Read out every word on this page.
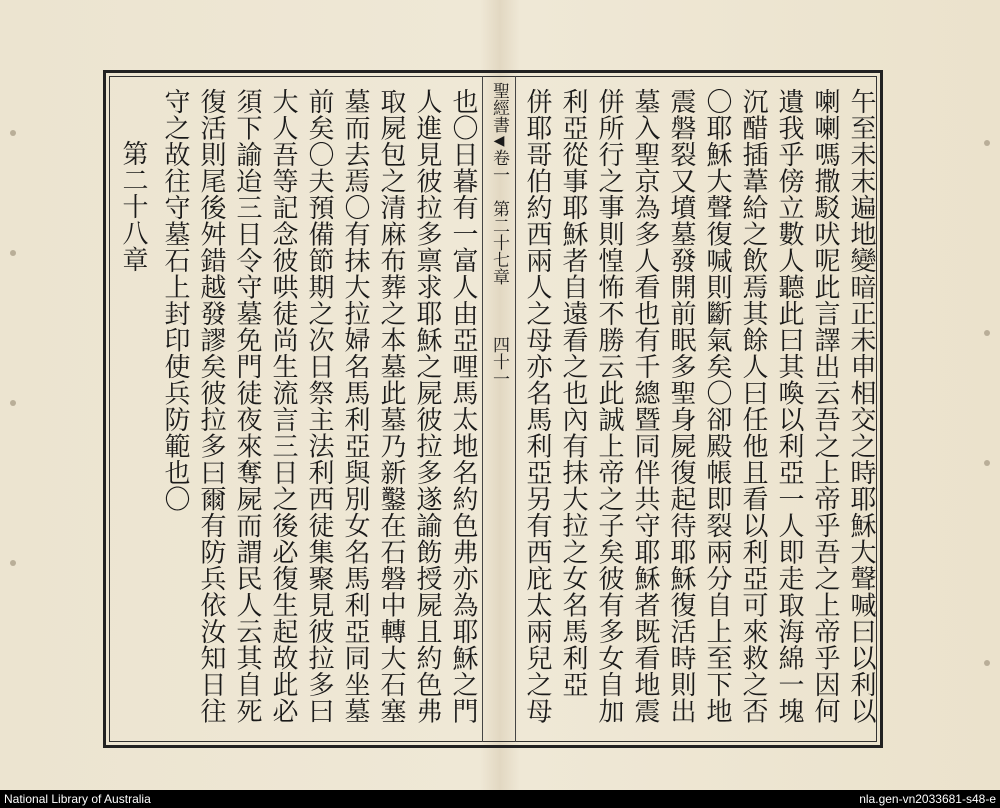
第二十八章 守之故往守墓石上封印使兵防範也〇 復活則尾後舛錯越發謬矣彼拉多曰爾有防兵依汝知日往 須下諭迨三日令守墓免門徒夜來奪屍而謂民人云其自死 大人吾等記念彼哄徒尚生流言三日之後必復生起故此必 前矣〇夫預備節期之次日祭主法利西徒集聚見彼拉多曰 墓而去焉〇有抹大拉婦名馬利亞與別女名馬利亞同坐墓 取屍包之清麻布葬之本墓此墓乃新鑿在石磐中轉大石塞 人進見彼拉多禀求耶穌之屍彼拉多遂諭飭授屍且約色弗 也〇日暮有一富人由亞哩馬太地名約色弗亦為耶穌之門 聖經書◀卷一　第二十七章　　　四十一 併耶哥伯約西兩人之母亦名馬利亞另有西庇太兩兒之母 利亞從事耶穌者自遠看之也內有抹大拉之女名馬利亞 併所行之事則惶怖不勝云此誠上帝之子矣彼有多女自加 墓入聖京為多人看也有千總暨同伴共守耶穌者既看地震 震磐裂又墳墓發開前眠多聖身屍復起待耶穌復活時則出 〇耶穌大聲復喊則斷氣矣〇卻殿帳即裂兩分自上至下地 沉醋插葦給之飲焉其餘人曰任他且看以利亞可來救之否 遺我乎傍立數人聽此曰其喚以利亞一人即走取海綿一塊 喇喇嗎撒駁吠呢此言譯出云吾之上帝乎吾之上帝乎因何 午至未末遍地變暗正未申相交之時耶穌大聲喊曰以利以
National Library of Australia	nla.gen-vn2033681-s48-e
